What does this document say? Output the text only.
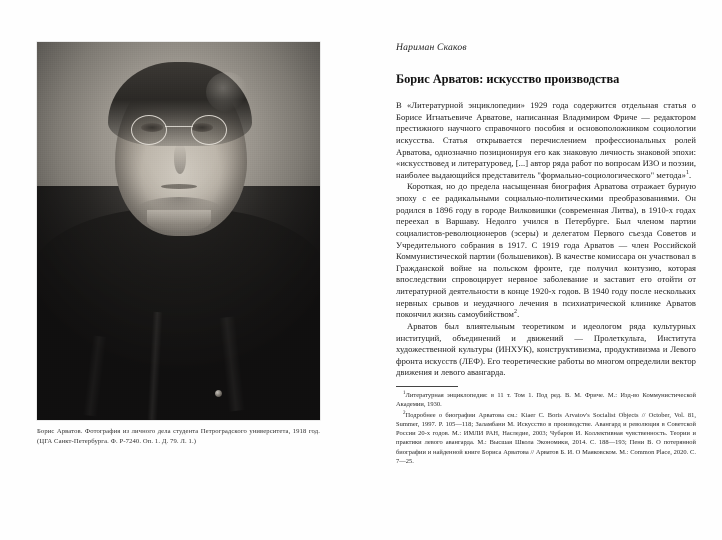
Борис Арватов. Фотография из личного дела студента Петроградского университета, 1918 год. (ЦГА Санкт-Петербурга. Ф. Р-7240. Оп. 1. Д. 79. Л. 1.)
Нариман Скаков
Борис Арватов: искусство производства

В «Литературной энциклопедии» 1929 года содержится отдельная статья о Борисе Игнатьевиче Арватове, написанная Владимиром Фриче — редактором престижного научного справочного пособия и основоположником социологии искусства. Статья открывается перечислением профессиональных ролей Арватова, однозначно позиционируя его как знаковую личность знаковой эпохи: «искусствовед и литературовед, [...] автор ряда работ по вопросам ИЗО и поэзии, наиболее выдающийся представитель "формально-социологического" метода»$^1$.

Короткая, но до предела насыщенная биография Арватова отражает бурную эпоху с ее радикальными социально-политическими преобразованиями. Он родился в 1896 году в городе Вилковишки (современная Литва), в 1910-х годах переехал в Варшаву. Недолго учился в Петербурге. Был членом партии социалистов-революционеров (эсеры) и делегатом Первого съезда Советов и Учредительного собрания в 1917. С 1919 года Арватов — член Российской Коммунистической партии (большевиков). В качестве комиссара он участвовал в Гражданской войне на польском фронте, где получил контузию, которая впоследствии спровоцирует нервное заболевание и заставит его отойти от литературной деятельности в конце 1920-х годов. В 1940 году после нескольких нервных срывов и неудачного лечения в психиатрической клинике Арватов покончил жизнь самоубийством$^2$.

Арватов был влиятельным теоретиком и идеологом ряда культурных институций, объединений и движений — Пролеткульта, Института художественной культуры (ИНХУК), конструктивизма, продуктивизма и Левого фронта искусств (ЛЕФ). Его теоретические работы во многом определили вектор движения и левого авангарда.

$^1$Литературная энциклопедия: в 11 т. Том 1. Под ред. В. М. Фриче. М.: Изд-во Коммунистической Академии, 1930.

$^2$Подробнее о биографии Арватова см.: Kiaer C. Boris Arvatov's Socialist Objects // October, Vol. 81, Summer, 1997. P. 105—118; Заламбани М. Искусство в производстве. Авангард и революция в Советской России 20-х годов. М.: ИМЛИ РАН, Наследие, 2003; Чубаров И. Коллективная чувственность. Теории и практики левого авангарда. М.: Высшая Школа Экономики, 2014. С. 188—193; Пени В. О потерянной биографии и найденной книге Бориса Арватова // Арватов Б. И. О Маяковском. М.: Common Place, 2020. С. 7—25.
